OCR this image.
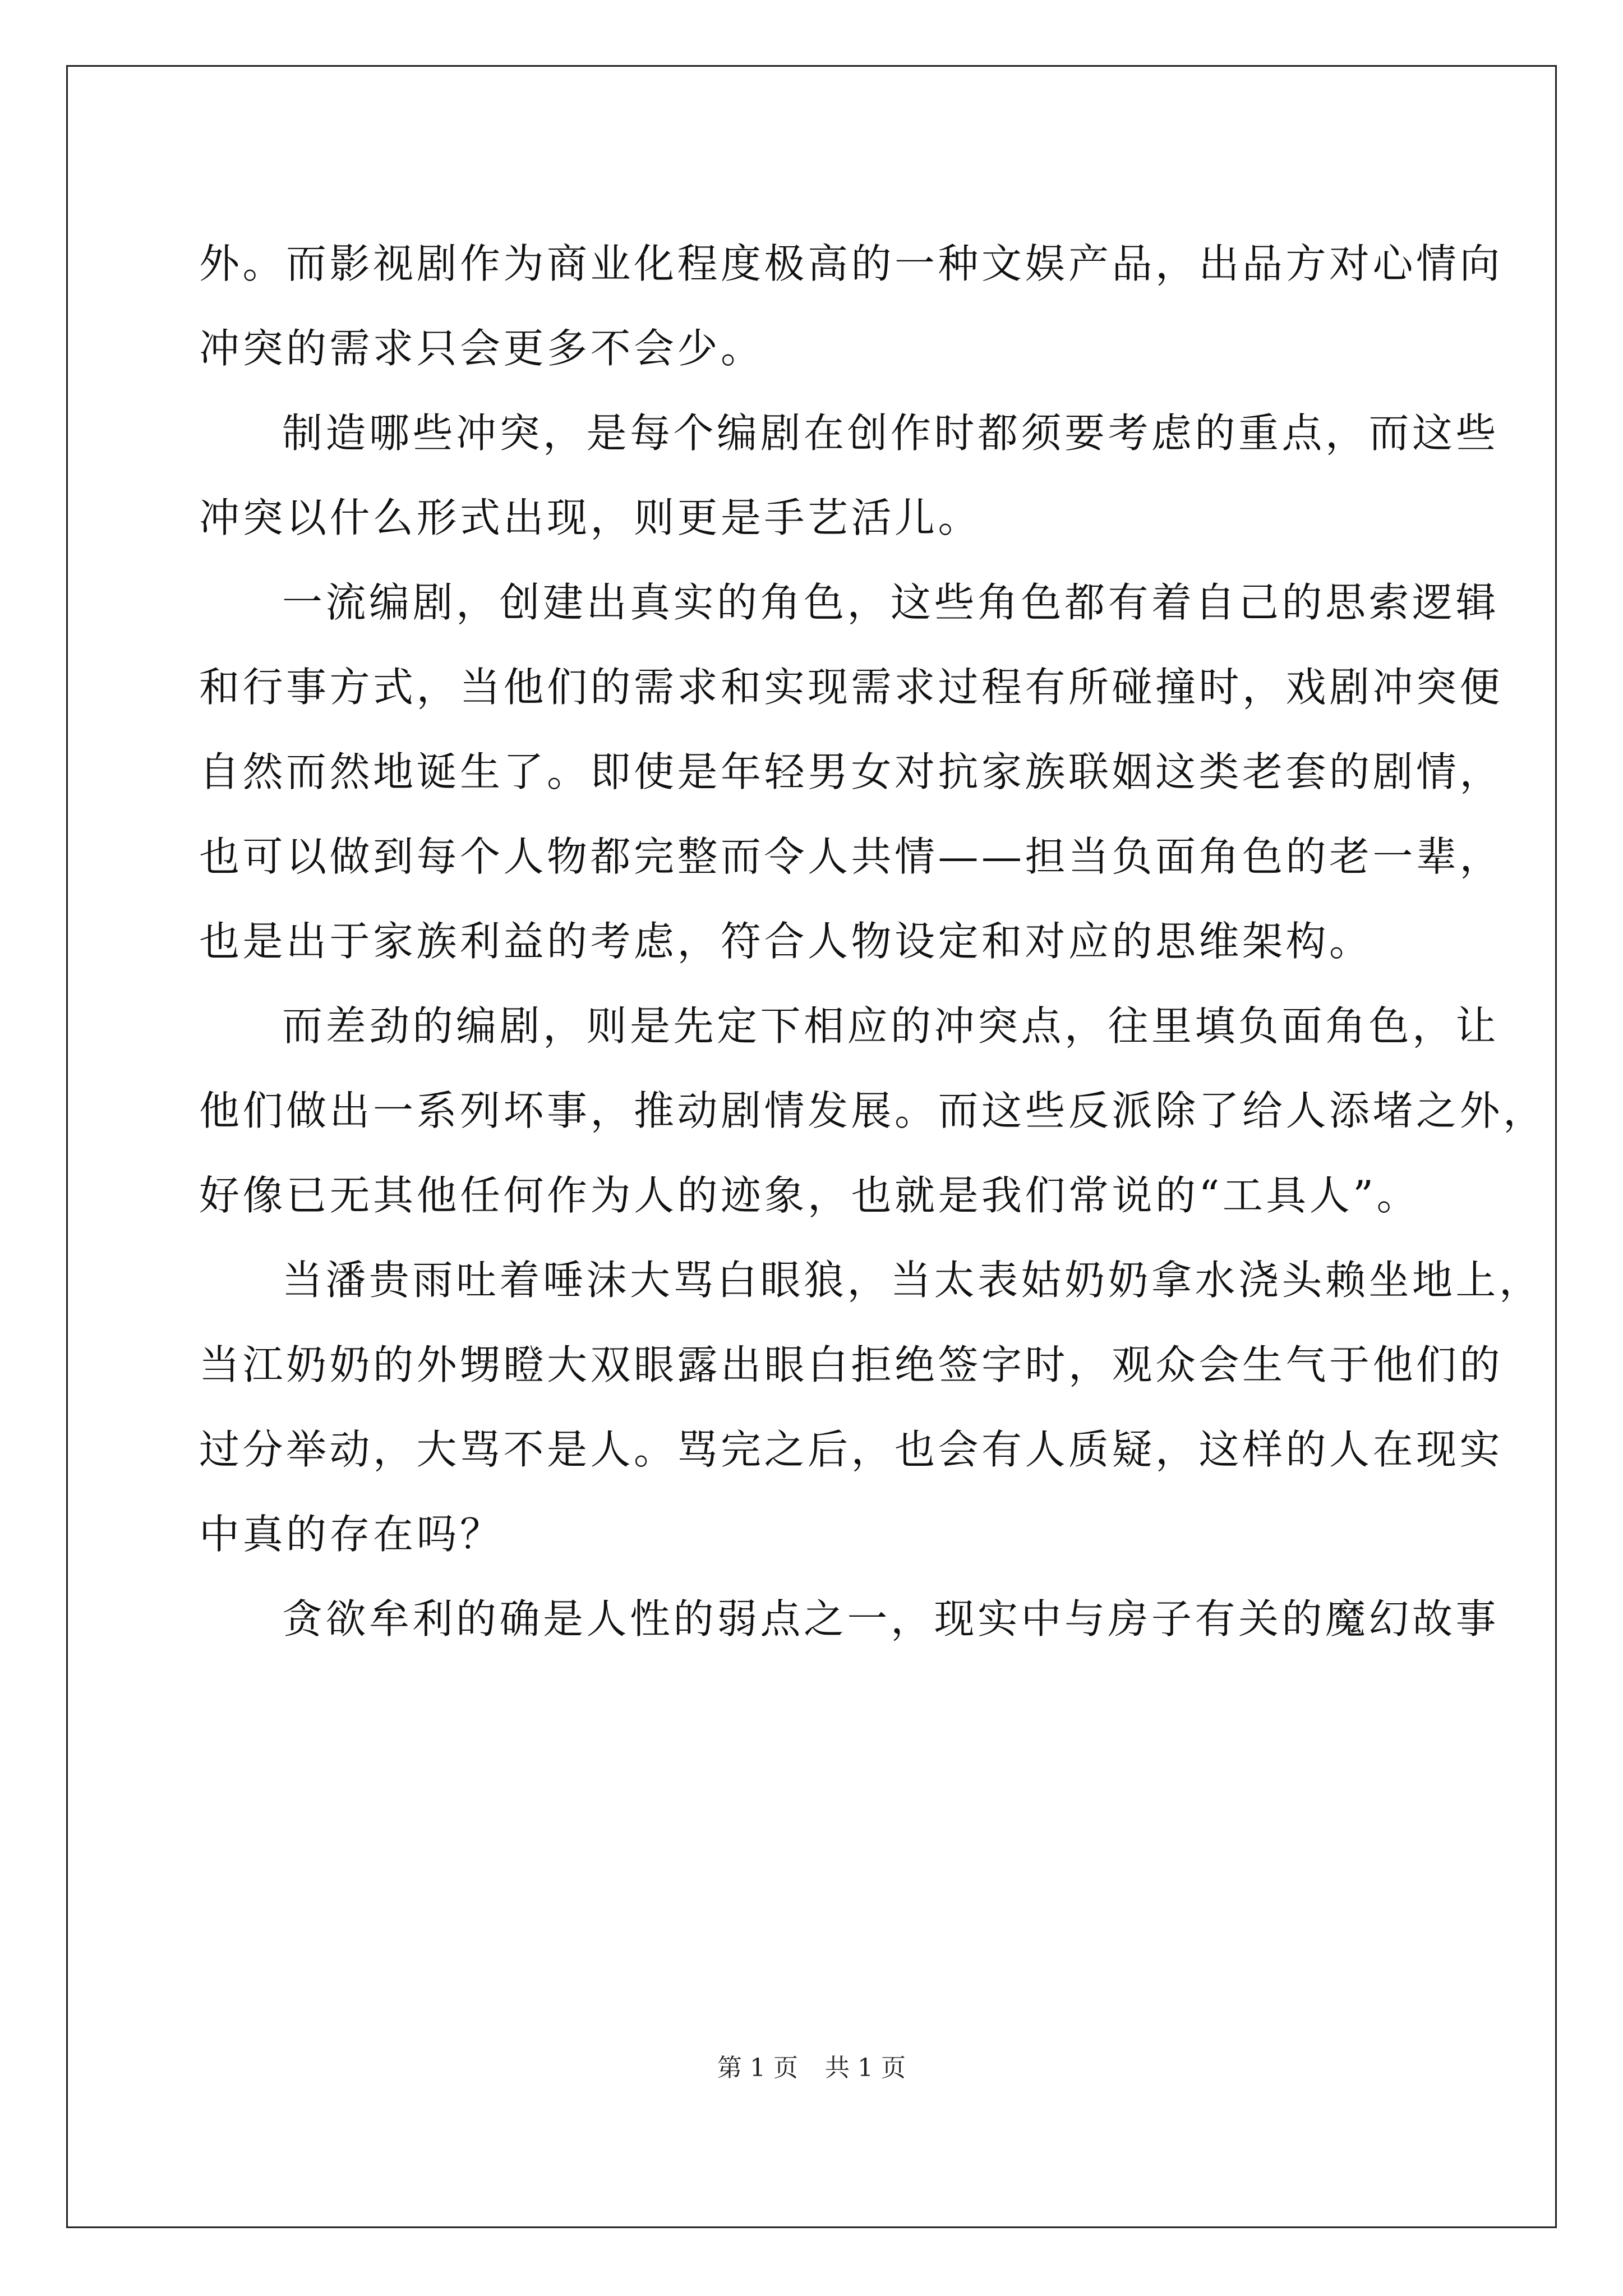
外。而影视剧作为商业化程度极高的一种文娱产品，出品方对心情向
冲突的需求只会更多不会少。
制造哪些冲突，是每个编剧在创作时都须要考虑的重点，而这些
冲突以什么形式出现，则更是手艺活儿。
一流编剧，创建出真实的角色，这些角色都有着自己的思索逻辑
和行事方式，当他们的需求和实现需求过程有所碰撞时，戏剧冲突便
自然而然地诞生了。即使是年轻男女对抗家族联姻这类老套的剧情，
也可以做到每个人物都完整而令人共情——担当负面角色的老一辈，
也是出于家族利益的考虑，符合人物设定和对应的思维架构。
而差劲的编剧，则是先定下相应的冲突点，往里填负面角色，让
他们做出一系列坏事，推动剧情发展。而这些反派除了给人添堵之外，
好像已无其他任何作为人的迹象，也就是我们常说的“工具人”。
当潘贵雨吐着唾沫大骂白眼狼，当太表姑奶奶拿水浇头赖坐地上，
当江奶奶的外甥瞪大双眼露出眼白拒绝签字时，观众会生气于他们的
过分举动，大骂不是人。骂完之后，也会有人质疑，这样的人在现实
中真的存在吗？
贪欲牟利的确是人性的弱点之一，现实中与房子有关的魔幻故事
第 1 页 共 1 页
